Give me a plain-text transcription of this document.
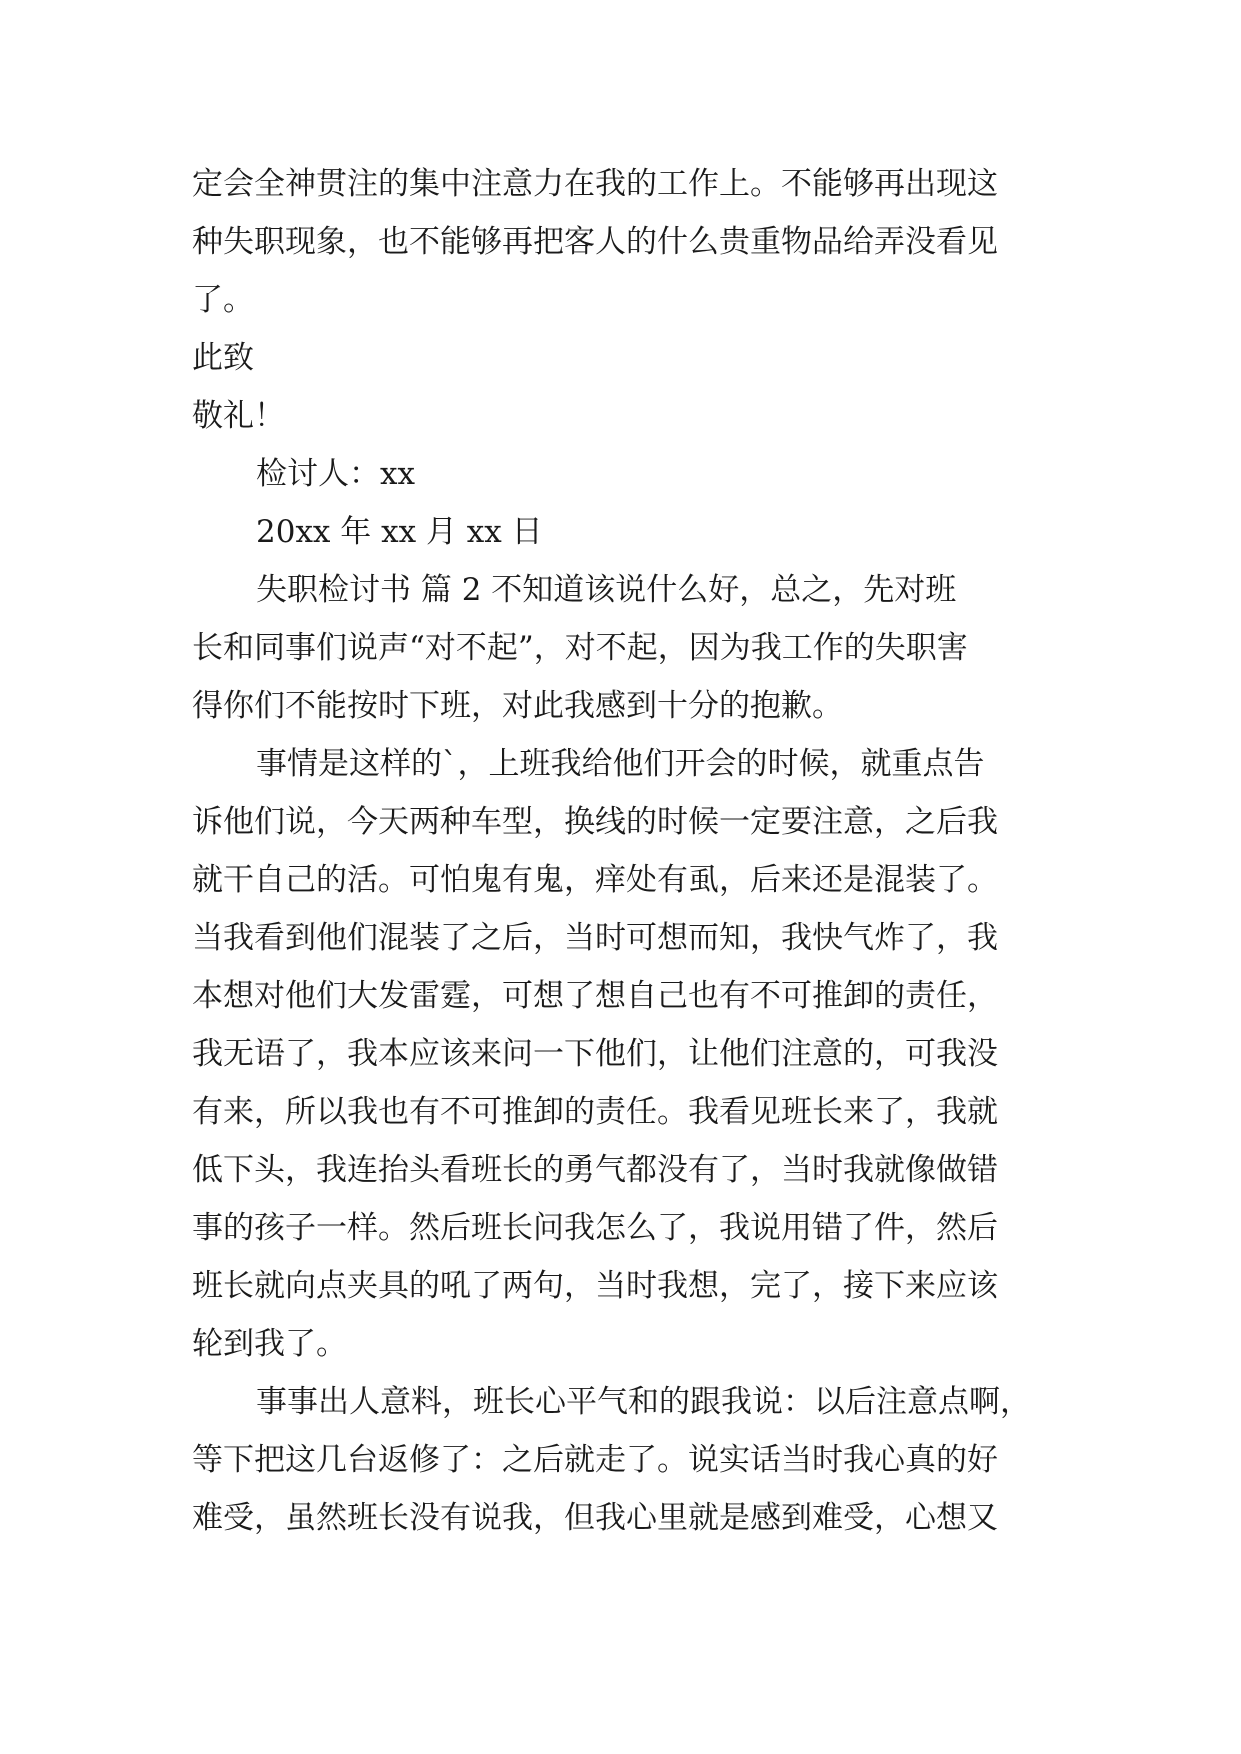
定会全神贯注的集中注意力在我的工作上。不能够再出现这
种失职现象，也不能够再把客人的什么贵重物品给弄没看见
了。
此致
敬礼！
检讨人：xx
20xx 年 xx 月 xx 日
失职检讨书 篇 2 不知道该说什么好，总之，先对班
长和同事们说声“对不起”，对不起，因为我工作的失职害
得你们不能按时下班，对此我感到十分的抱歉。
事情是这样的`，上班我给他们开会的时候，就重点告
诉他们说，今天两种车型，换线的时候一定要注意，之后我
就干自己的活。可怕鬼有鬼，痒处有虱，后来还是混装了。
当我看到他们混装了之后，当时可想而知，我快气炸了，我
本想对他们大发雷霆，可想了想自己也有不可推卸的责任，
我无语了，我本应该来问一下他们，让他们注意的，可我没
有来，所以我也有不可推卸的责任。我看见班长来了，我就
低下头，我连抬头看班长的勇气都没有了，当时我就像做错
事的孩子一样。然后班长问我怎么了，我说用错了件，然后
班长就向点夹具的吼了两句，当时我想，完了，接下来应该
轮到我了。
事事出人意料，班长心平气和的跟我说：以后注意点啊，
等下把这几台返修了：之后就走了。说实话当时我心真的好
难受，虽然班长没有说我，但我心里就是感到难受，心想又
